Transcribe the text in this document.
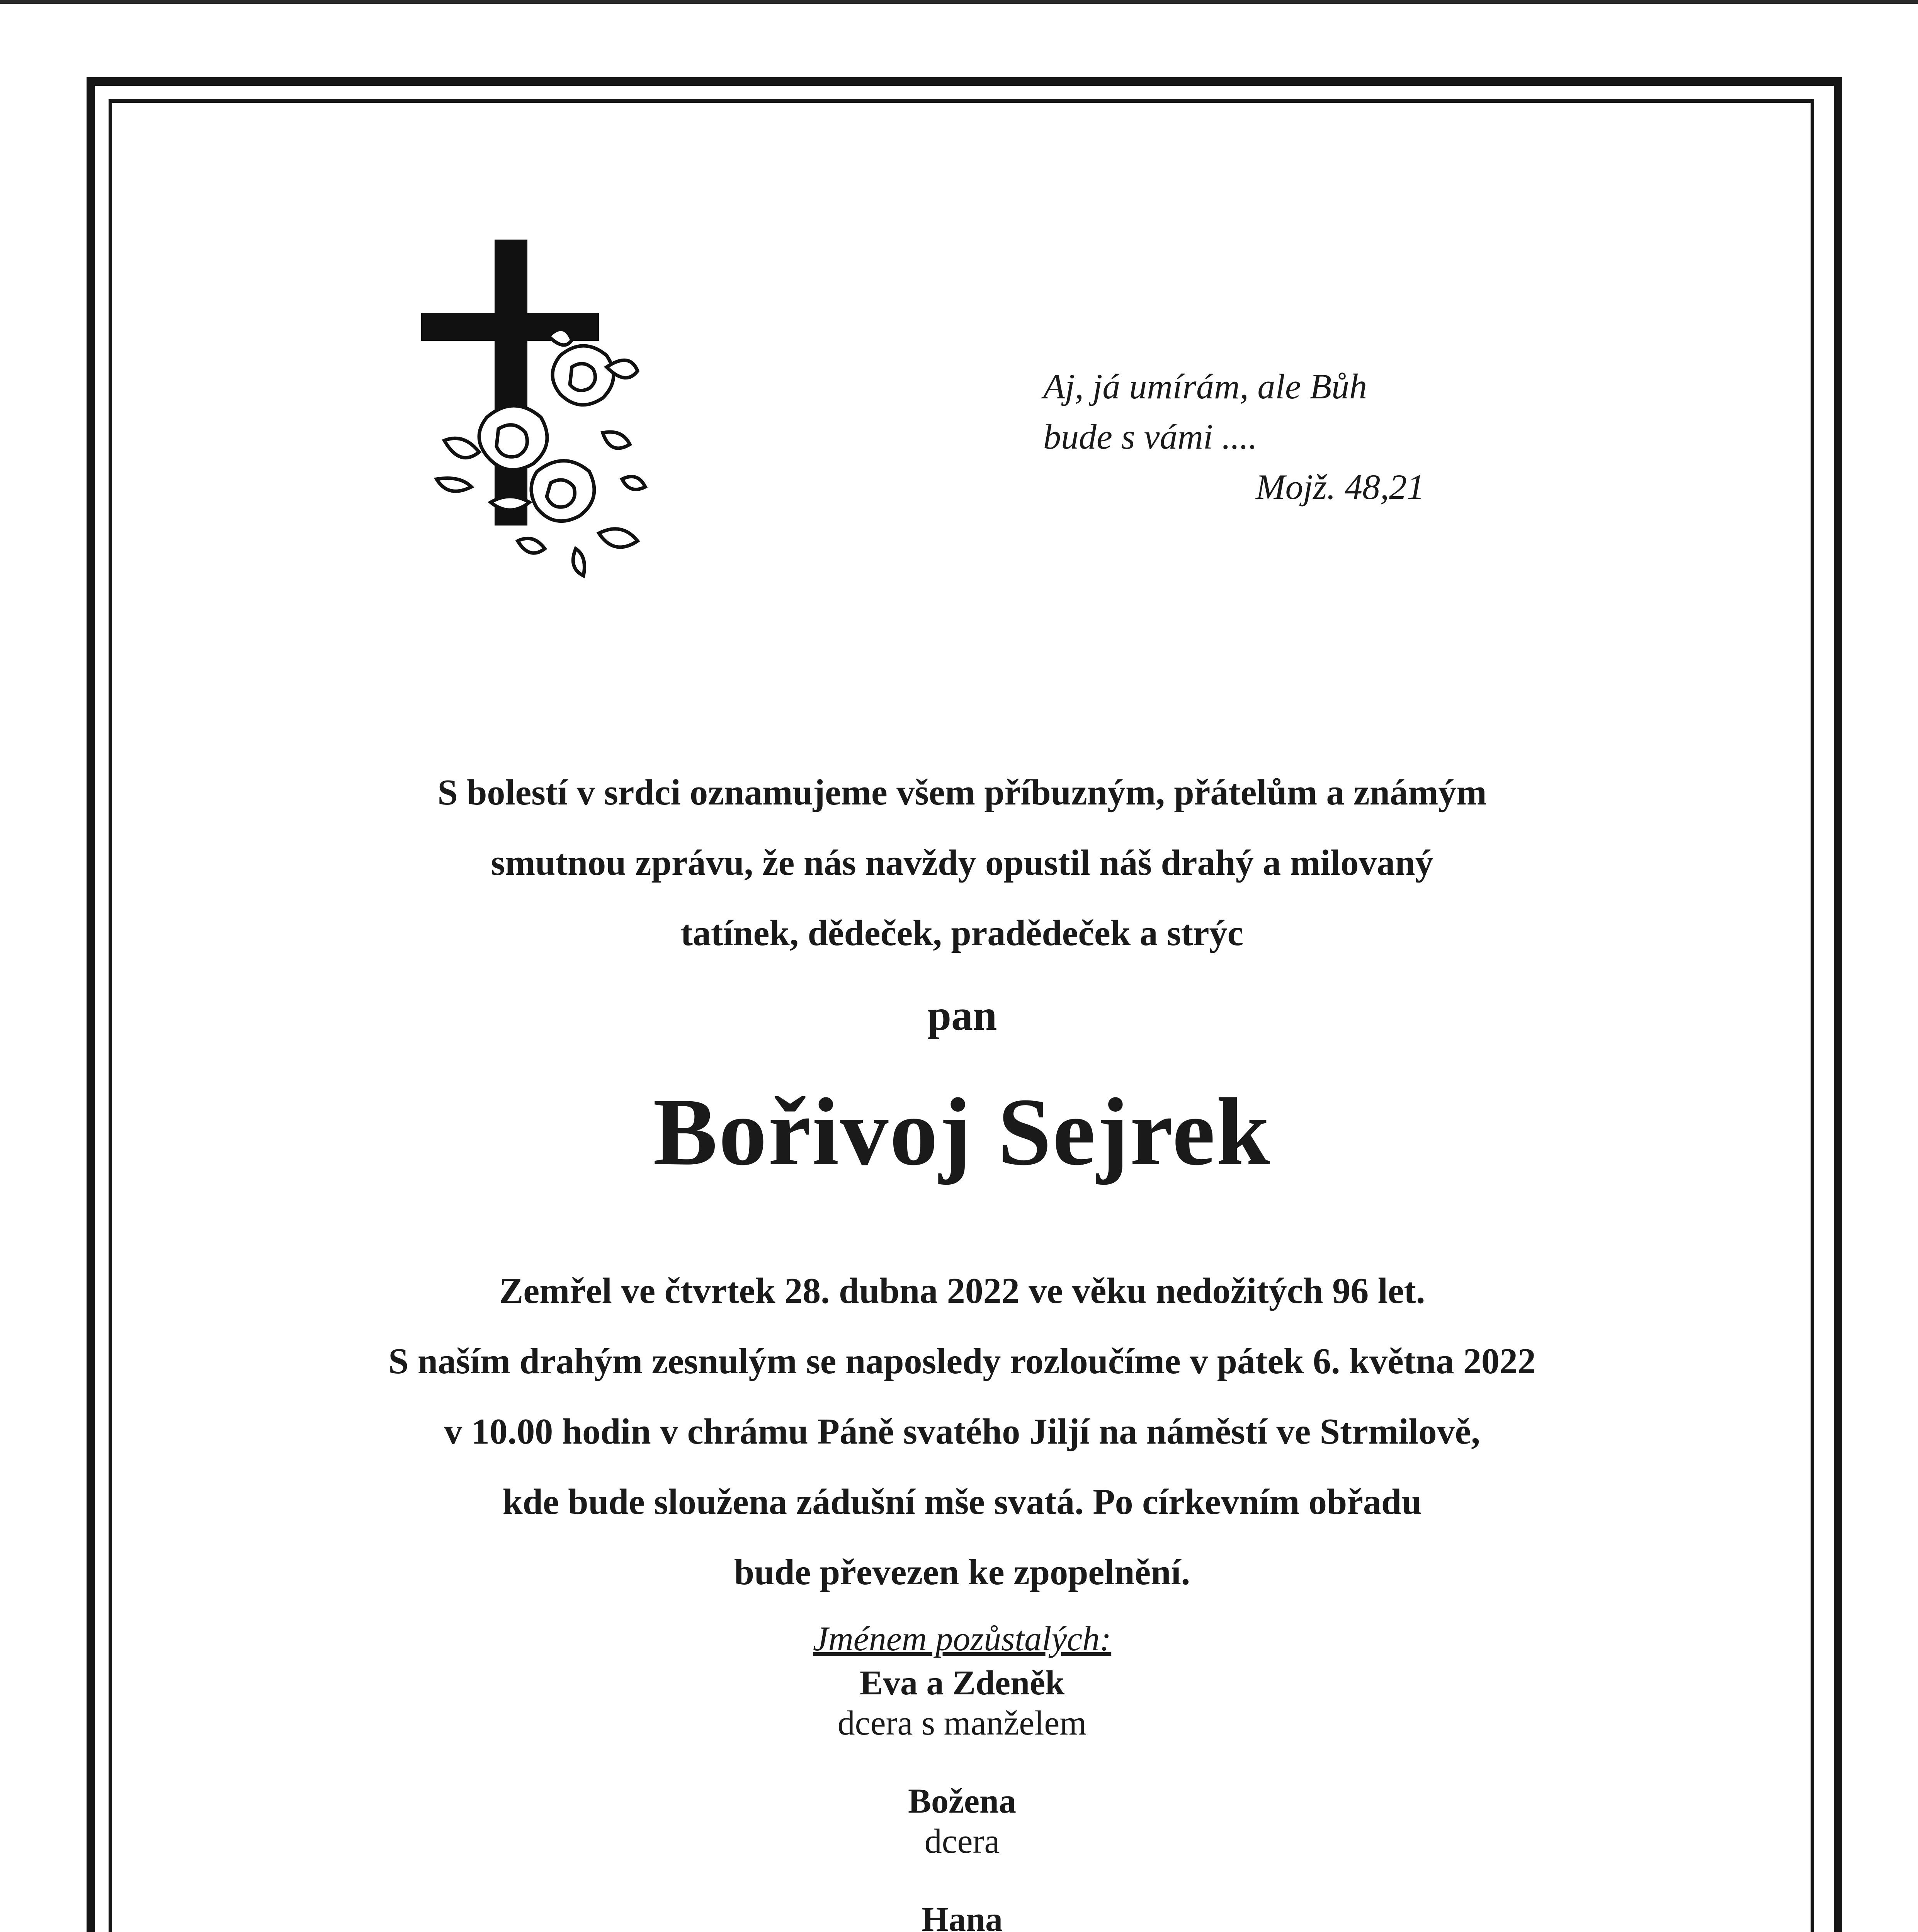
Aj, já umírám, ale Bůh
bude s vámi ....
Mojž. 48,21
S bolestí v srdci oznamujeme všem příbuzným, přátelům a známým
smutnou zprávu, že nás navždy opustil náš drahý a milovaný
tatínek, dědeček, pradědeček a strýc
pan
Bořivoj Sejrek
Zemřel ve čtvrtek 28. dubna 2022 ve věku nedožitých 96 let.
S naším drahým zesnulým se naposledy rozloučíme v pátek 6. května 2022
v 10.00 hodin v chrámu Páně svatého Jiljí na náměstí ve Strmilově,
kde bude sloužena zádušní mše svatá. Po církevním obřadu
bude převezen ke zpopelnění.
Jménem pozůstalých:
Eva a Zdeněk
dcera s manželem
Božena
dcera
Hana
